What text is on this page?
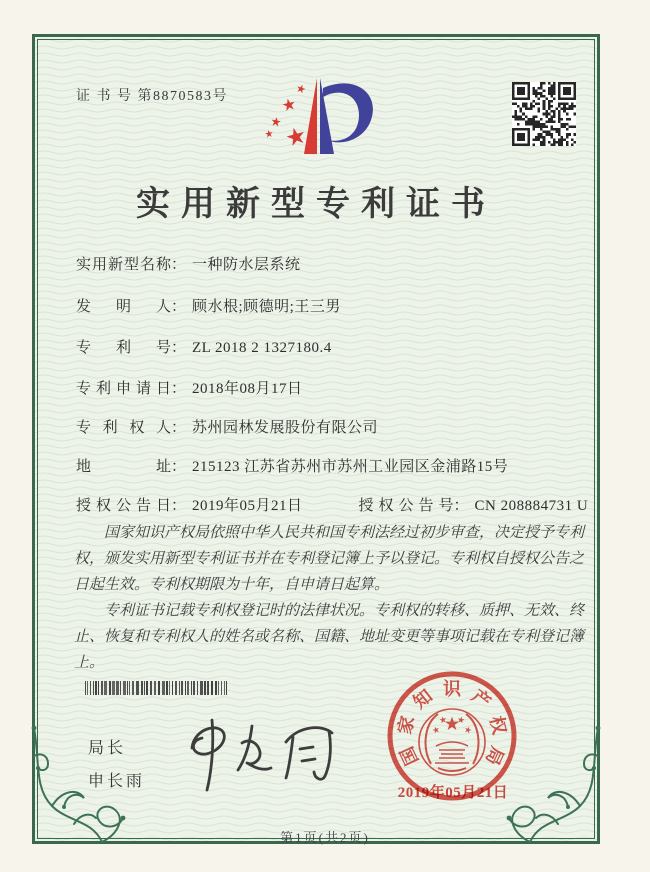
证 书 号 第8870583号
实用新型专利证书
实用新型名称： 一种防水层系统
发明人： 顾水根;顾德明;王三男
专利号： ZL 2018 2 1327180.4
专利申请日： 2018年08月17日
专利权人： 苏州园林发展股份有限公司
地址： 215123 江苏省苏州市苏州工业园区金浦路15号
授权公告日： 2019年05月21日	授权公告号： CN 208884731 U

国家知识产权局依照中华人民共和国专利法经过初步审查，决定授予专利权，颁发实用新型专利证书并在专利登记簿上予以登记。专利权自授权公告之日起生效。专利权期限为十年，自申请日起算。

专利证书记载专利权登记时的法律状况。专利权的转移、质押、无效、终止、恢复和专利权人的姓名或名称、国籍、地址变更等事项记载在专利登记簿上。

局长
申长雨
国
家
知 识 产
权
局
2019年05月21日
第1页(共2页)
